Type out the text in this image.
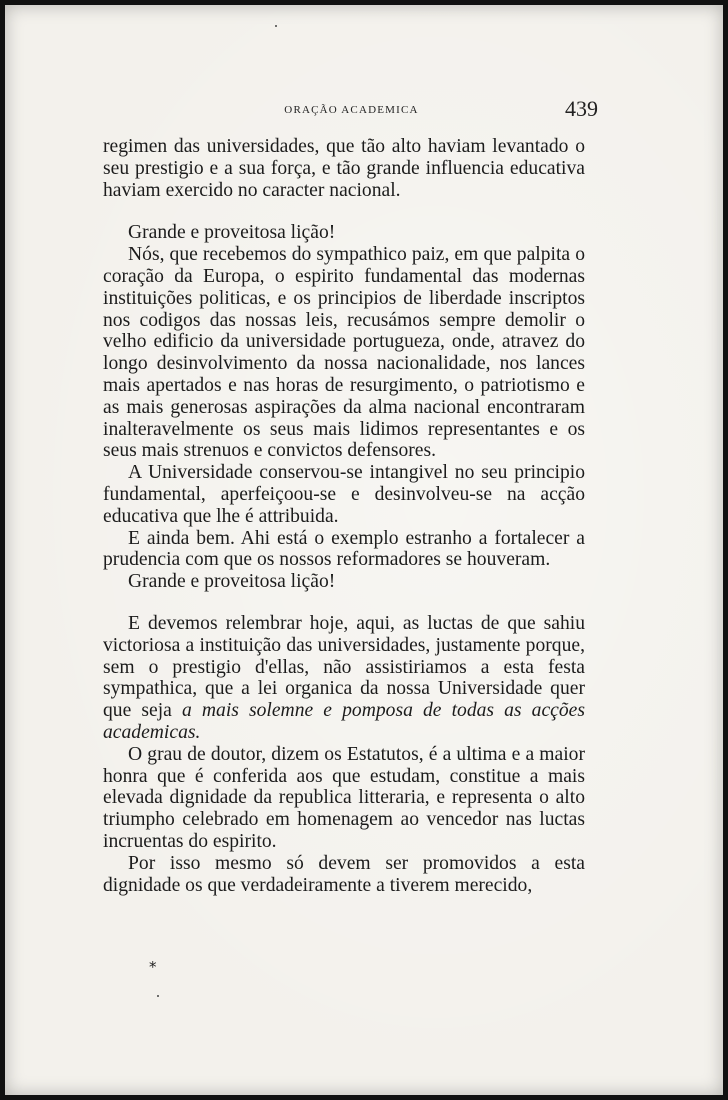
ORAÇÃO ACADEMICA	439

regimen das universidades, que tão alto haviam levantado o seu prestigio e a sua força, e tão grande influencia educativa haviam exercido no caracter nacional.

Grande e proveitosa lição!

Nós, que recebemos do sympathico paiz, em que palpita o coração da Europa, o espirito fundamental das modernas instituições politicas, e os principios de liberdade inscriptos nos codigos das nossas leis, recusámos sempre demolir o velho edificio da universidade portugueza, onde, atravez do longo desinvolvimento da nossa nacionalidade, nos lances mais apertados e nas horas de resurgimento, o patriotismo e as mais generosas aspirações da alma nacional encontraram inalteravelmente os seus mais lidimos representantes e os seus mais strenuos e convictos defensores.

A Universidade conservou-se intangivel no seu principio fundamental, aperfeiçoou-se e desinvolveu-se na acção educativa que lhe é attribuida.

E ainda bem. Ahi está o exemplo estranho a fortalecer a prudencia com que os nossos reformadores se houveram.

Grande e proveitosa lição!

E devemos relembrar hoje, aqui, as luctas de que sahiu victoriosa a instituição das universidades, justamente porque, sem o prestigio d'ellas, não assistiriamos a esta festa sympathica, que a lei organica da nossa Universidade quer que seja a mais solemne e pomposa de todas as acções academicas.

O grau de doutor, dizem os Estatutos, é a ultima e a maior honra que é conferida aos que estudam, constitue a mais elevada dignidade da republica litteraria, e representa o alto triumpho celebrado em homenagem ao vencedor nas luctas incruentas do espirito.

Por isso mesmo só devem ser promovidos a esta dignidade os que verdadeiramente a tiverem merecido,

*
